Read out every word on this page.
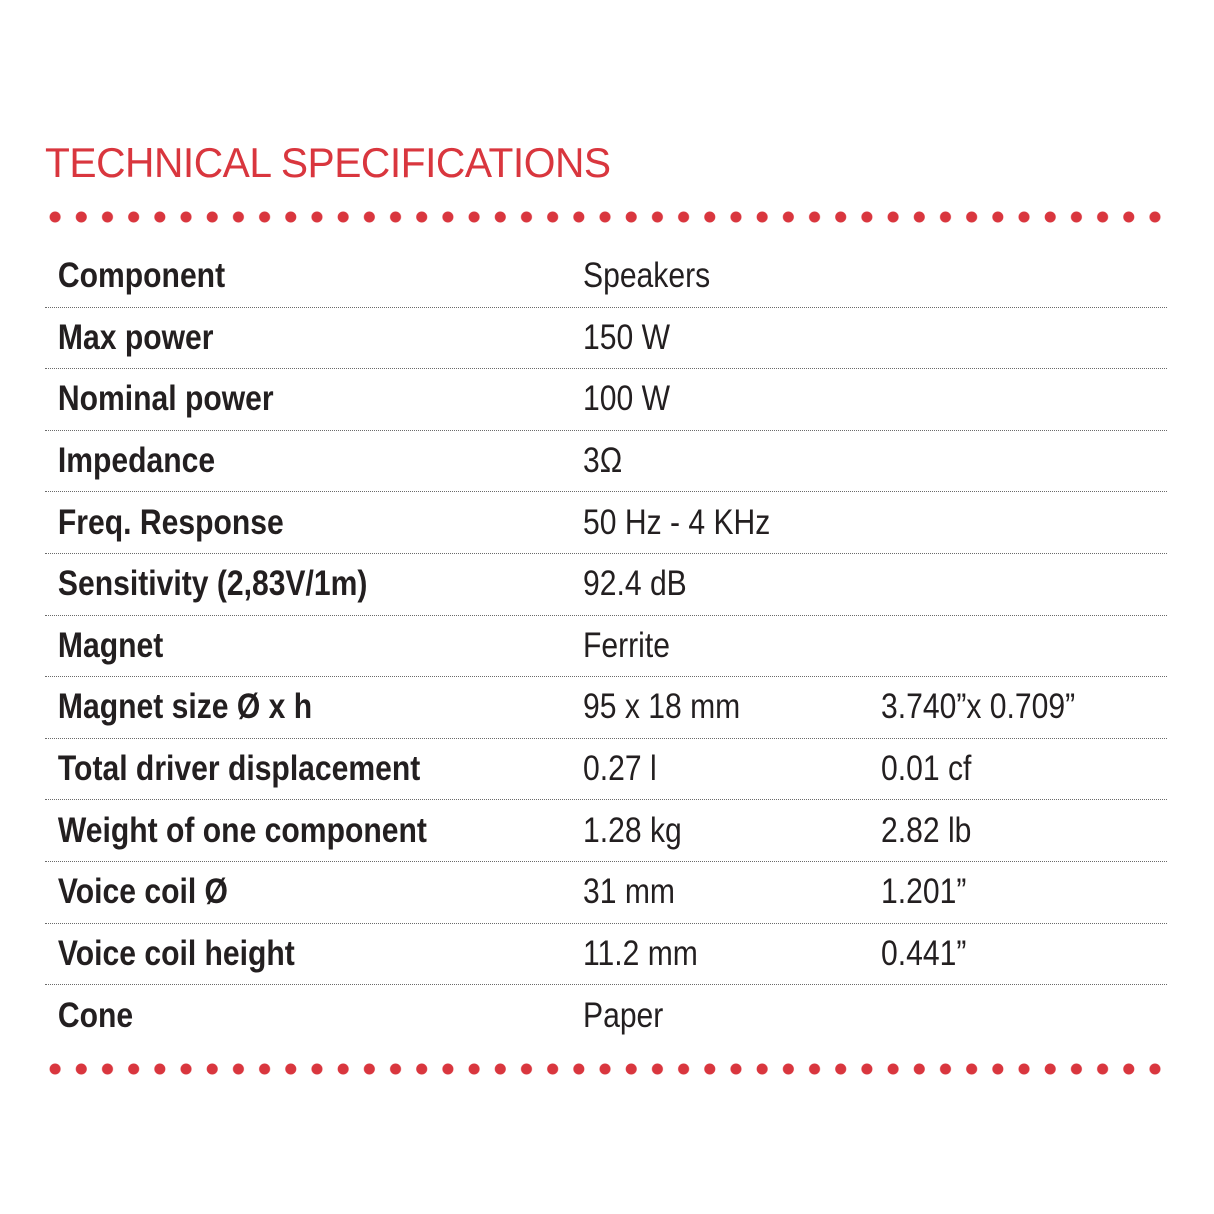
TECHNICAL SPECIFICATIONS
Component	Speakers
Max power	150 W
Nominal power	100 W
Impedance	3Ω
Freq. Response	50 Hz - 4 KHz
Sensitivity (2,83V/1m)	92.4 dB
Magnet	Ferrite
Magnet size Ø x h	95 x 18 mm	3.740”x 0.709”
Total driver displacement	0.27 l	0.01 cf
Weight of one component	1.28 kg	2.82 lb
Voice coil Ø	31 mm	1.201”
Voice coil height	11.2 mm	0.441”
Cone	Paper
